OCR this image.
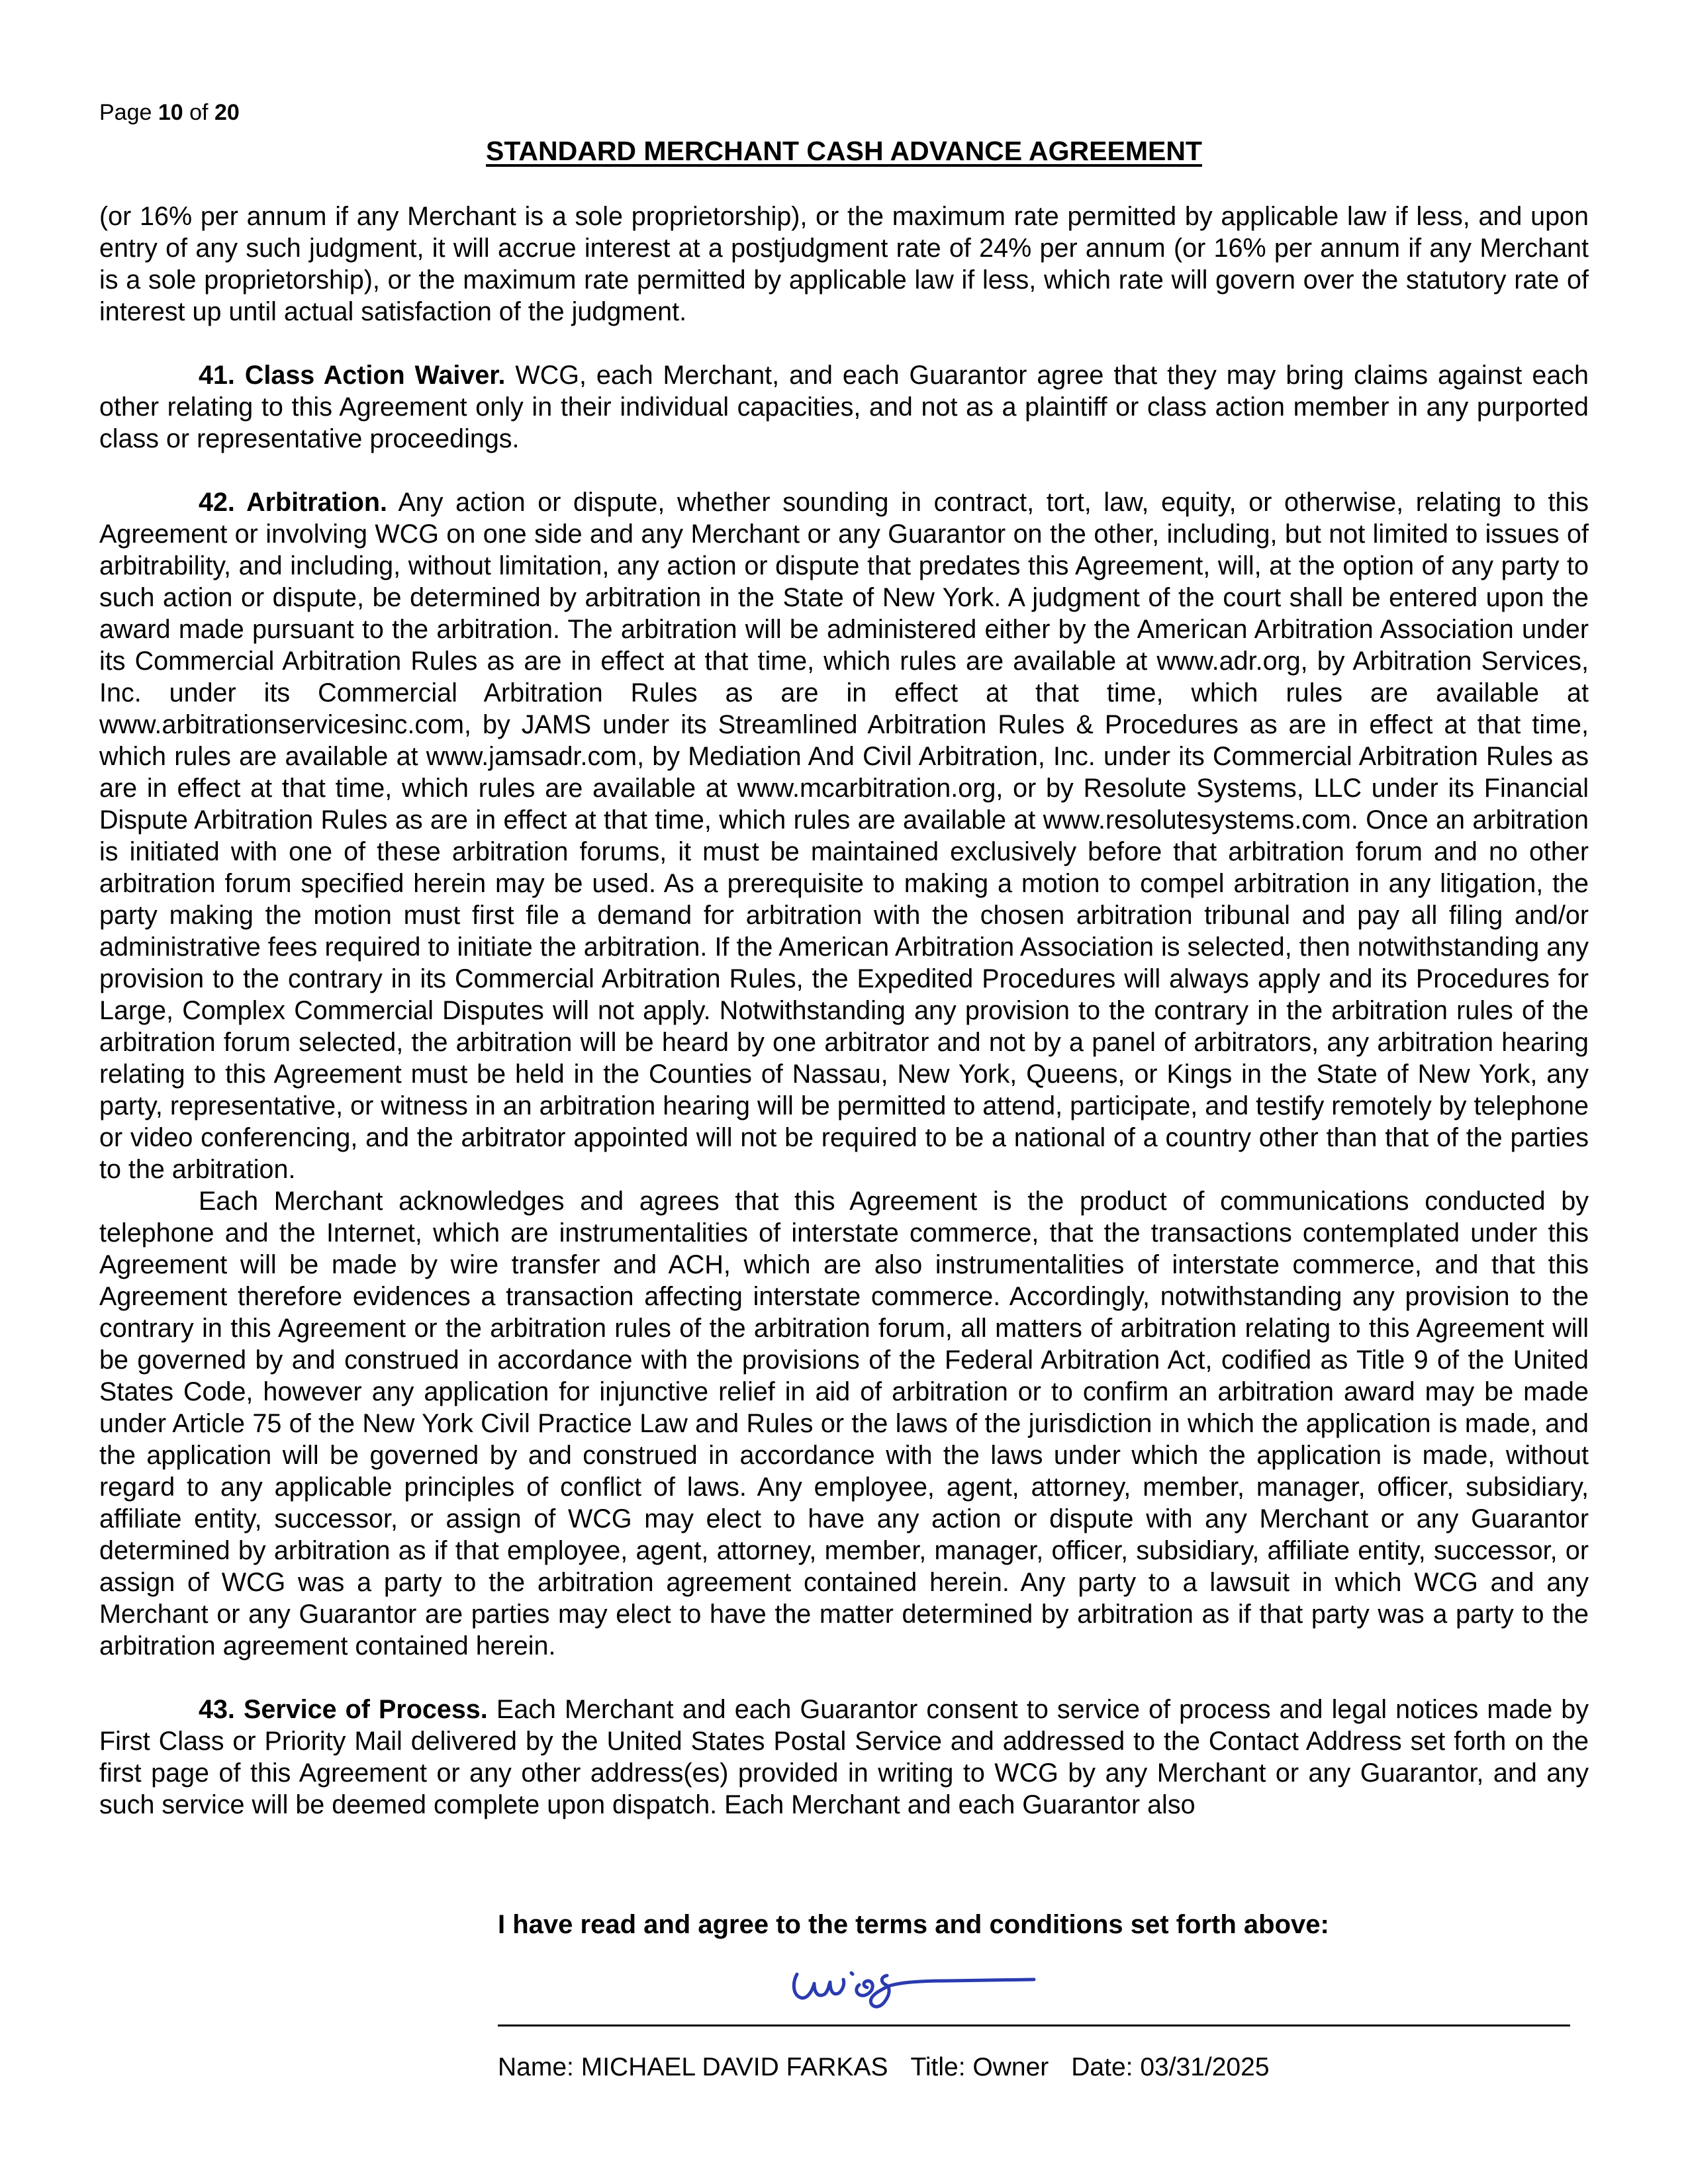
Page 10 of 20
STANDARD MERCHANT CASH ADVANCE AGREEMENT

(or 16% per annum if any Merchant is a sole proprietorship), or the maximum rate permitted by applicable law if less, and upon entry of any such judgment, it will accrue interest at a postjudgment rate of 24% per annum (or 16% per annum if any Merchant is a sole proprietorship), or the maximum rate permitted by applicable law if less, which rate will govern over the statutory rate of interest up until actual satisfaction of the judgment.

41. Class Action Waiver. WCG, each Merchant, and each Guarantor agree that they may bring claims against each other relating to this Agreement only in their individual capacities, and not as a plaintiff or class action member in any purported class or representative proceedings.

42. Arbitration. Any action or dispute, whether sounding in contract, tort, law, equity, or otherwise, relating to this Agreement or involving WCG on one side and any Merchant or any Guarantor on the other, including, but not limited to issues of arbitrability, and including, without limitation, any action or dispute that predates this Agreement, will, at the option of any party to such action or dispute, be determined by arbitration in the State of New York. A judgment of the court shall be entered upon the award made pursuant to the arbitration. The arbitration will be administered either by the American Arbitration Association under its Commercial Arbitration Rules as are in effect at that time, which rules are available at www.adr.org, by Arbitration Services, Inc. under its Commercial Arbitration Rules as are in effect at that time, which rules are available at www.arbitrationservicesinc.com, by JAMS under its Streamlined Arbitration Rules & Procedures as are in effect at that time, which rules are available at www.jamsadr.com, by Mediation And Civil Arbitration, Inc. under its Commercial Arbitration Rules as are in effect at that time, which rules are available at www.mcarbitration.org, or by Resolute Systems, LLC under its Financial Dispute Arbitration Rules as are in effect at that time, which rules are available at www.resolutesystems.com. Once an arbitration is initiated with one of these arbitration forums, it must be maintained exclusively before that arbitration forum and no other arbitration forum specified herein may be used. As a prerequisite to making a motion to compel arbitration in any litigation, the party making the motion must first file a demand for arbitration with the chosen arbitration tribunal and pay all filing and/or administrative fees required to initiate the arbitration. If the American Arbitration Association is selected, then notwithstanding any provision to the contrary in its Commercial Arbitration Rules, the Expedited Procedures will always apply and its Procedures for Large, Complex Commercial Disputes will not apply. Notwithstanding any provision to the contrary in the arbitration rules of the arbitration forum selected, the arbitration will be heard by one arbitrator and not by a panel of arbitrators, any arbitration hearing relating to this Agreement must be held in the Counties of Nassau, New York, Queens, or Kings in the State of New York, any party, representative, or witness in an arbitration hearing will be permitted to attend, participate, and testify remotely by telephone or video conferencing, and the arbitrator appointed will not be required to be a national of a country other than that of the parties to the arbitration.

Each Merchant acknowledges and agrees that this Agreement is the product of communications conducted by telephone and the Internet, which are instrumentalities of interstate commerce, that the transactions contemplated under this Agreement will be made by wire transfer and ACH, which are also instrumentalities of interstate commerce, and that this Agreement therefore evidences a transaction affecting interstate commerce. Accordingly, notwithstanding any provision to the contrary in this Agreement or the arbitration rules of the arbitration forum, all matters of arbitration relating to this Agreement will be governed by and construed in accordance with the provisions of the Federal Arbitration Act, codified as Title 9 of the United States Code, however any application for injunctive relief in aid of arbitration or to confirm an arbitration award may be made under Article 75 of the New York Civil Practice Law and Rules or the laws of the jurisdiction in which the application is made, and the application will be governed by and construed in accordance with the laws under which the application is made, without regard to any applicable principles of conflict of laws. Any employee, agent, attorney, member, manager, officer, subsidiary, affiliate entity, successor, or assign of WCG may elect to have any action or dispute with any Merchant or any Guarantor determined by arbitration as if that employee, agent, attorney, member, manager, officer, subsidiary, affiliate entity, successor, or assign of WCG was a party to the arbitration agreement contained herein. Any party to a lawsuit in which WCG and any Merchant or any Guarantor are parties may elect to have the matter determined by arbitration as if that party was a party to the arbitration agreement contained herein.

43. Service of Process. Each Merchant and each Guarantor consent to service of process and legal notices made by First Class or Priority Mail delivered by the United States Postal Service and addressed to the Contact Address set forth on the first page of this Agreement or any other address(es) provided in writing to WCG by any Merchant or any Guarantor, and any such service will be deemed complete upon dispatch. Each Merchant and each Guarantor also

I have read and agree to the terms and conditions set forth above:
Name: MICHAEL DAVID FARKAS Title: Owner Date: 03/31/2025
